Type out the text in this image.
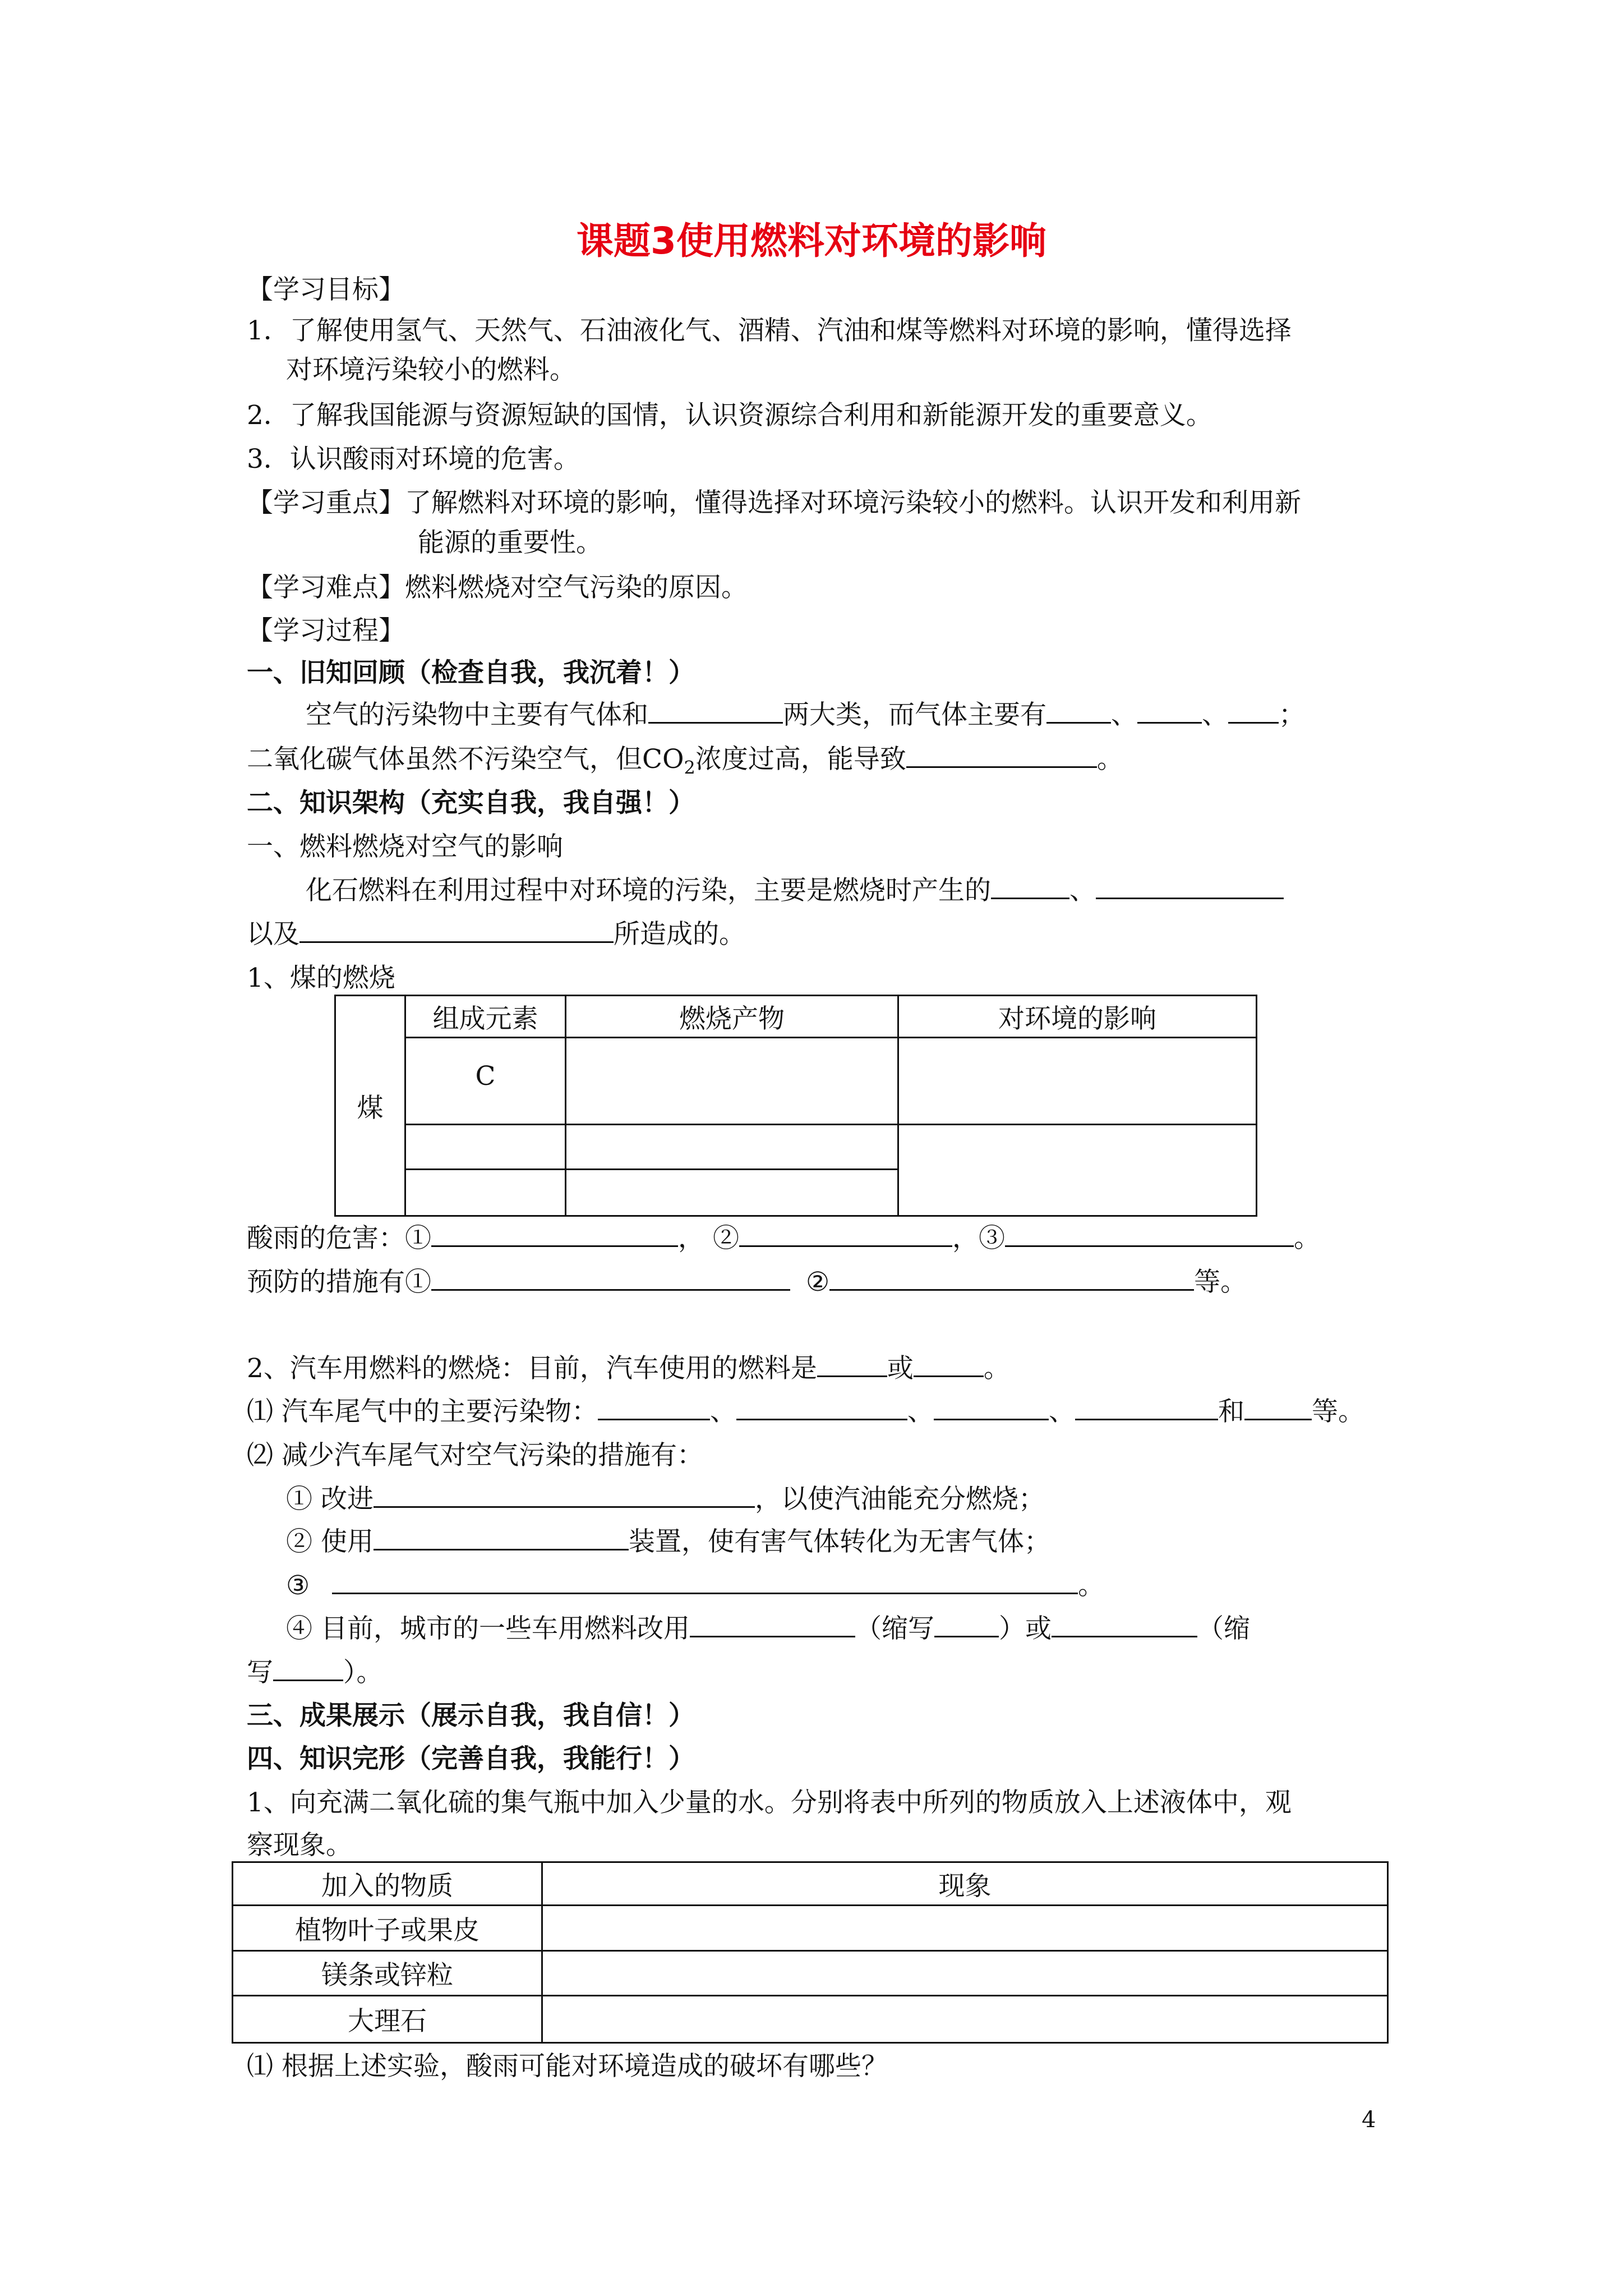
课题3使用燃料对环境的影响
【学习目标】
1．了解使用氢气、天然气、石油液化气、酒精、汽油和煤等燃料对环境的影响，懂得选择
对环境污染较小的燃料。
2．了解我国能源与资源短缺的国情，认识资源综合利用和新能源开发的重要意义。
3．认识酸雨对环境的危害。
【学习重点】了解燃料对环境的影响，懂得选择对环境污染较小的燃料。认识开发和利用新
能源的重要性。
【学习难点】燃料燃烧对空气污染的原因。
【学习过程】
一、旧知回顾（检查自我，我沉着！）
空气的污染物中主要有气体和	两大类，而气体主要有 、 、 ；
二氧化碳气体虽然不污染空气，但$CO_2$浓度过高，能导致	。
二、知识架构（充实自我，我自强！）
一、燃料燃烧对空气的影响
化石燃料在利用过程中对环境的污染，主要是燃烧时产生的	、
以及	所造成的。
1、煤的燃烧
煤	组成元素	燃烧产物	对环境的影响
	C		

酸雨的危害：①	， ②	，③	。
预防的措施有①	②	等。
2、汽车用燃料的燃烧：目前，汽车使用的燃料是	或	。
⑴ 汽车尾气中的主要污染物：	、	、	、	和	等。
⑵ 减少汽车尾气对空气污染的措施有：
① 改进	，以使汽油能充分燃烧；
② 使用	装置，使有害气体转化为无害气体；
③	。
④ 目前，城市的一些车用燃料改用	（缩写 ）或	（缩
写	）。
三、成果展示（展示自我，我自信！）
四、知识完形（完善自我，我能行！）
1、向充满二氧化硫的集气瓶中加入少量的水。分别将表中所列的物质放入上述液体中，观
察现象。
加入的物质	现象
植物叶子或果皮	
镁条或锌粒	
大理石	
⑴ 根据上述实验，酸雨可能对环境造成的破坏有哪些？
4
